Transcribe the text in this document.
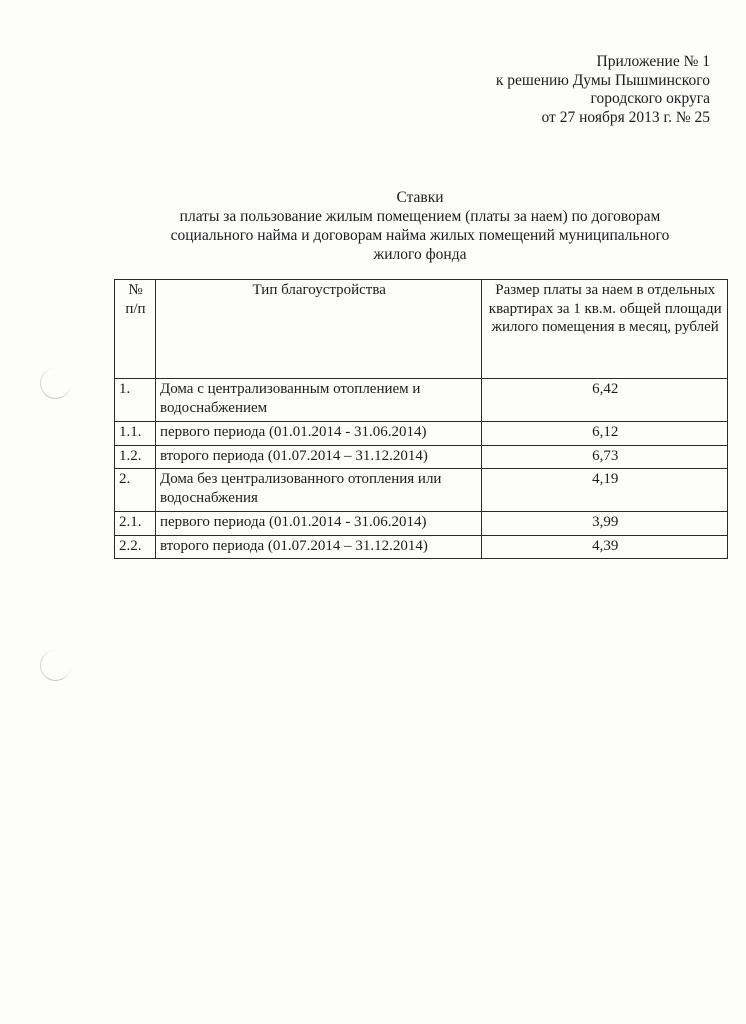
Приложение № 1
к решению Думы Пышминского
городского округа
от 27 ноября 2013 г. № 25
Ставки
платы за пользование жилым помещением (платы за наем) по договорам
социального найма и договорам найма жилых помещений муниципального
жилого фонда
№
п/п	Тип благоустройства	Размер платы за наем в отдельных квартирах за 1 кв.м. общей площади жилого помещения в месяц, рублей
1.	Дома с централизованным отоплением и водоснабжением	6,42
1.1.	первого периода (01.01.2014 - 31.06.2014)	6,12
1.2.	второго периода (01.07.2014 – 31.12.2014)	6,73
2.	Дома без централизованного отопления или водоснабжения	4,19
2.1.	первого периода (01.01.2014 - 31.06.2014)	3,99
2.2.	второго периода (01.07.2014 – 31.12.2014)	4,39
